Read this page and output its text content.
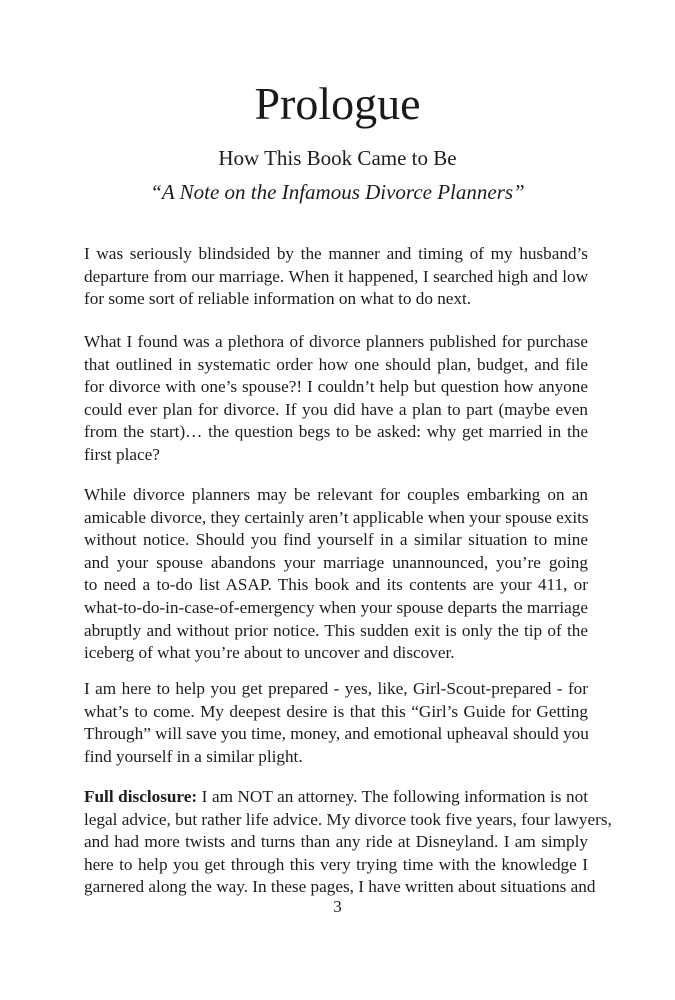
Prologue

How This Book Came to Be

“A Note on the Infamous Divorce Planners”

I was seriously blindsided by the manner and timing of my husband’s
departure from our marriage. When it happened, I searched high and low
for some sort of reliable information on what to do next.

What I found was a plethora of divorce planners published for purchase
that outlined in systematic order how one should plan, budget, and file
for divorce with one’s spouse?! I couldn’t help but question how anyone
could ever plan for divorce. If you did have a plan to part (maybe even
from the start)… the question begs to be asked: why get married in the
first place?

While divorce planners may be relevant for couples embarking on an
amicable divorce, they certainly aren’t applicable when your spouse exits
without notice. Should you find yourself in a similar situation to mine
and your spouse abandons your marriage unannounced, you’re going
to need a to-do list ASAP. This book and its contents are your 411, or
what-to-do-in-case-of-emergency when your spouse departs the marriage
abruptly and without prior notice. This sudden exit is only the tip of the
iceberg of what you’re about to uncover and discover.

I am here to help you get prepared - yes, like, Girl-Scout-prepared - for
what’s to come. My deepest desire is that this “Girl’s Guide for Getting
Through” will save you time, money, and emotional upheaval should you
find yourself in a similar plight.

Full disclosure: I am NOT an attorney. The following information is not
legal advice, but rather life advice. My divorce took five years, four lawyers,
and had more twists and turns than any ride at Disneyland. I am simply
here to help you get through this very trying time with the knowledge I
garnered along the way. In these pages, I have written about situations and

3
